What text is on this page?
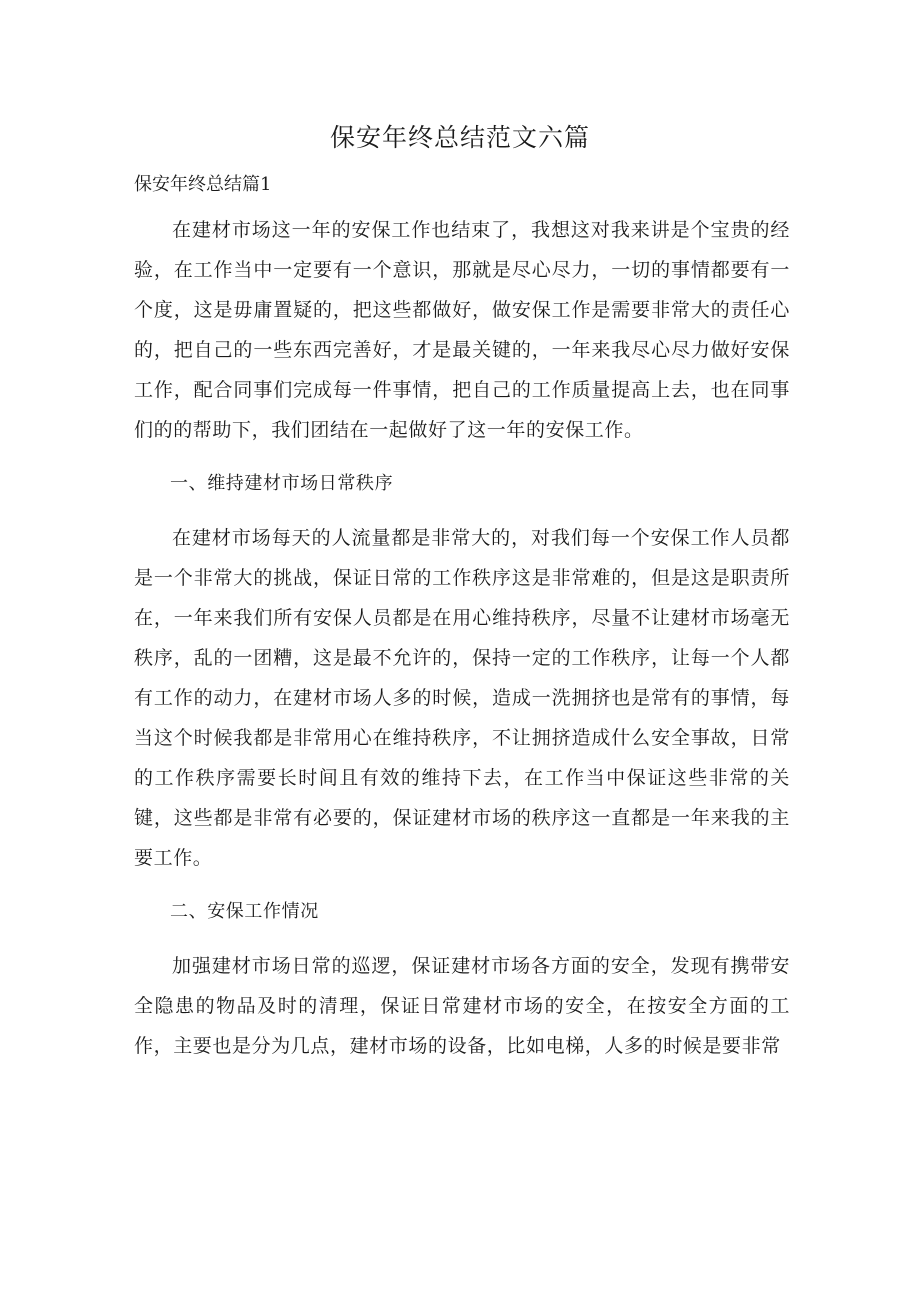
保安年终总结范文六篇
保安年终总结篇1

在建材市场这一年的安保工作也结束了，我想这对我来讲是个宝贵的经验，在工作当中一定要有一个意识，那就是尽心尽力，一切的事情都要有一个度，这是毋庸置疑的，把这些都做好，做安保工作是需要非常大的责任心的，把自己的一些东西完善好，才是最关键的，一年来我尽心尽力做好安保工作，配合同事们完成每一件事情，把自己的工作质量提高上去，也在同事们的的帮助下，我们团结在一起做好了这一年的安保工作。

一、维持建材市场日常秩序

在建材市场每天的人流量都是非常大的，对我们每一个安保工作人员都是一个非常大的挑战，保证日常的工作秩序这是非常难的，但是这是职责所在，一年来我们所有安保人员都是在用心维持秩序，尽量不让建材市场毫无秩序，乱的一团糟，这是最不允许的，保持一定的工作秩序，让每一个人都有工作的动力，在建材市场人多的时候，造成一洗拥挤也是常有的事情，每当这个时候我都是非常用心在维持秩序，不让拥挤造成什么安全事故，日常的工作秩序需要长时间且有效的维持下去，在工作当中保证这些非常的关键，这些都是非常有必要的，保证建材市场的秩序这一直都是一年来我的主要工作。

二、安保工作情况

加强建材市场日常的巡逻，保证建材市场各方面的安全，发现有携带安全隐患的物品及时的清理，保证日常建材市场的安全，在按安全方面的工作，主要也是分为几点，建材市场的设备，比如电梯，人多的时候是要非常
